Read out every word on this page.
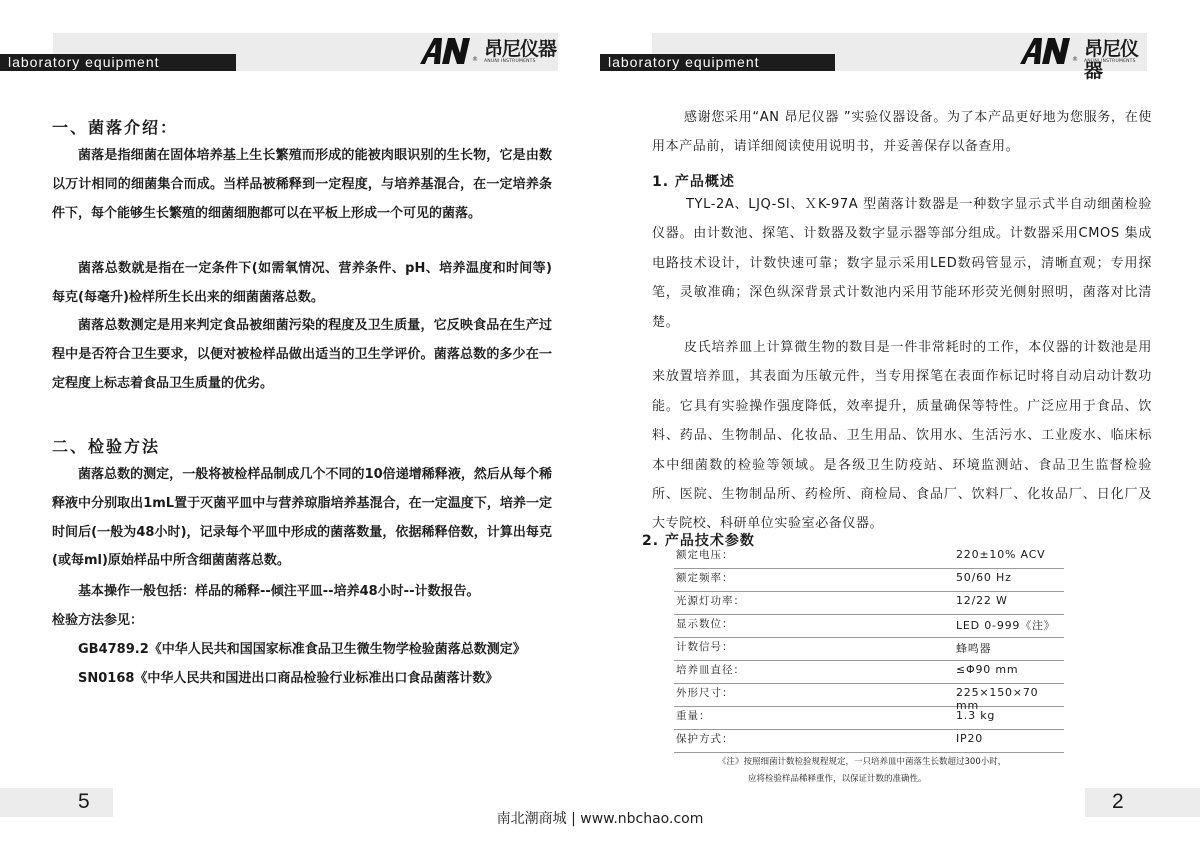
laboratory equipment	® 昂尼仪器
ANUNI INSTRUMENTS
一、菌落介绍：

菌落是指细菌在固体培养基上生长繁殖而形成的能被肉眼识别的生长物，它是由数以万计相同的细菌集合而成。当样品被稀释到一定程度，与培养基混合，在一定培养条件下，每个能够生长繁殖的细菌细胞都可以在平板上形成一个可见的菌落。

菌落总数就是指在一定条件下(如需氧情况、营养条件、pH、培养温度和时间等)每克(每毫升)检样所生长出来的细菌菌落总数。

菌落总数测定是用来判定食品被细菌污染的程度及卫生质量，它反映食品在生产过程中是否符合卫生要求，以便对被检样品做出适当的卫生学评价。菌落总数的多少在一定程度上标志着食品卫生质量的优劣。

二、检验方法

菌落总数的测定，一般将被检样品制成几个不同的10倍递增稀释液，然后从每个稀释液中分别取出1mL置于灭菌平皿中与营养琼脂培养基混合，在一定温度下，培养一定时间后(一般为48小时)，记录每个平皿中形成的菌落数量，依据稀释倍数，计算出每克(或每ml)原始样品中所含细菌菌落总数。

基本操作一般包括：样品的稀释--倾注平皿--培养48小时--计数报告。

检验方法参见：

GB4789.2《中华人民共和国国家标准食品卫生微生物学检验菌落总数测定》

SN0168《中华人民共和国进出口商品检验行业标准出口食品菌落计数》

5
laboratory equipment	® 昂尼仪器
ANUNI INSTRUMENTS

感谢您采用“AN 昂尼仪器 ”实验仪器设备。为了本产品更好地为您服务，在使用本产品前，请详细阅读使用说明书，并妥善保存以备查用。

1. 产品概述

TYL-2A、LJQ-SI、ＸK-97A 型菌落计数器是一种数字显示式半自动细菌检验仪器。由计数池、探笔、计数器及数字显示器等部分组成。计数器采用CMOS 集成电路技术设计，计数快速可靠；数字显示采用LED数码管显示，清晰直观；专用探笔，灵敏准确；深色纵深背景式计数池内采用节能环形荧光侧射照明，菌落对比清楚。

皮氏培养皿上计算微生物的数目是一件非常耗时的工作，本仪器的计数池是用来放置培养皿，其表面为压敏元件，当专用探笔在表面作标记时将自动启动计数功能。它具有实验操作强度降低，效率提升，质量确保等特性。广泛应用于食品、饮料、药品、生物制品、化妆品、卫生用品、饮用水、生活污水、工业废水、临床标本中细菌数的检验等领域。是各级卫生防疫站、环境监测站、食品卫生监督检验所、医院、生物制品所、药检所、商检局、食品厂、饮料厂、化妆品厂、日化厂及大专院校、科研单位实验室必备仪器。

2. 产品技术参数
额定电压：	220±10% ACV
额定频率：	50/60 Hz
光源灯功率：	12/22 W
显示数位：	LED 0-999《注》
计数信号：	蜂鸣器
培养皿直径：	≤Φ90 mm
外形尺寸：	225×150×70 mm
重量：	1.3 kg
保护方式：	IP20
《注》按照细菌计数检验规程规定，一只培养皿中菌落生长数超过300小时，
应将检验样品稀释重作，以保证计数的准确性。
2
南北潮商城 | www.nbchao.com
